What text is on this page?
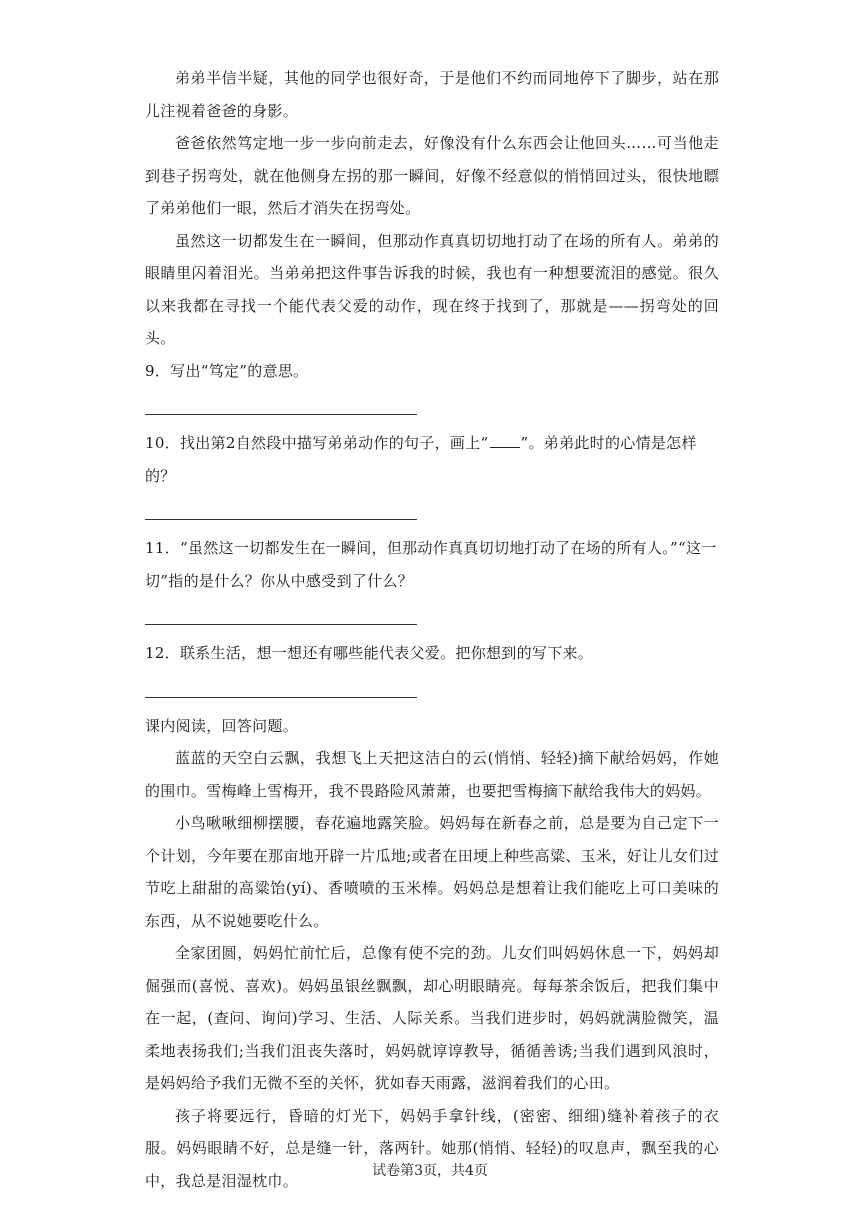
弟弟半信半疑，其他的同学也很好奇，于是他们不约而同地停下了脚步，站在那儿注视着爸爸的身影。

爸爸依然笃定地一步一步向前走去，好像没有什么东西会让他回头……可当他走到巷子拐弯处，就在他侧身左拐的那一瞬间，好像不经意似的悄悄回过头，很快地瞟了弟弟他们一眼，然后才消失在拐弯处。

虽然这一切都发生在一瞬间，但那动作真真切切地打动了在场的所有人。弟弟的眼睛里闪着泪光。当弟弟把这件事告诉我的时候，我也有一种想要流泪的感觉。很久以来我都在寻找一个能代表父爱的动作，现在终于找到了，那就是——拐弯处的回头。

9．写出“笃定”的意思。

10．找出第2自然段中描写弟弟动作的句子，画上“ ”。弟弟此时的心情是怎样的？

11．“虽然这一切都发生在一瞬间，但那动作真真切切地打动了在场的所有人。”“这一切”指的是什么？你从中感受到了什么？

12．联系生活，想一想还有哪些能代表父爱。把你想到的写下来。

课内阅读，回答问题。

蓝蓝的天空白云飘，我想飞上天把这洁白的云(悄悄、轻轻)摘下献给妈妈，作她的围巾。雪梅峰上雪梅开，我不畏路险风萧萧，也要把雪梅摘下献给我伟大的妈妈。

小鸟啾啾细柳摆腰，春花遍地露笑脸。妈妈每在新春之前，总是要为自己定下一个计划，今年要在那亩地开辟一片瓜地;或者在田埂上种些高粱、玉米，好让儿女们过节吃上甜甜的高粱饴(yí)、香喷喷的玉米棒。妈妈总是想着让我们能吃上可口美味的东西，从不说她要吃什么。

全家团圆，妈妈忙前忙后，总像有使不完的劲。儿女们叫妈妈休息一下，妈妈却倔强而(喜悦、喜欢)。妈妈虽银丝飘飘，却心明眼睛亮。每每茶余饭后，把我们集中在一起，(查问、询问)学习、生活、人际关系。当我们进步时，妈妈就满脸微笑，温柔地表扬我们;当我们沮丧失落时，妈妈就谆谆教导，循循善诱;当我们遇到风浪时，是妈妈给予我们无微不至的关怀，犹如春天雨露，滋润着我们的心田。

孩子将要远行，昏暗的灯光下，妈妈手拿针线，(密密、细细)缝补着孩子的衣服。妈妈眼睛不好，总是缝一针，落两针。她那(悄悄、轻轻)的叹息声，飘至我的心中，我总是泪湿枕巾。

试卷第3页，共4页
